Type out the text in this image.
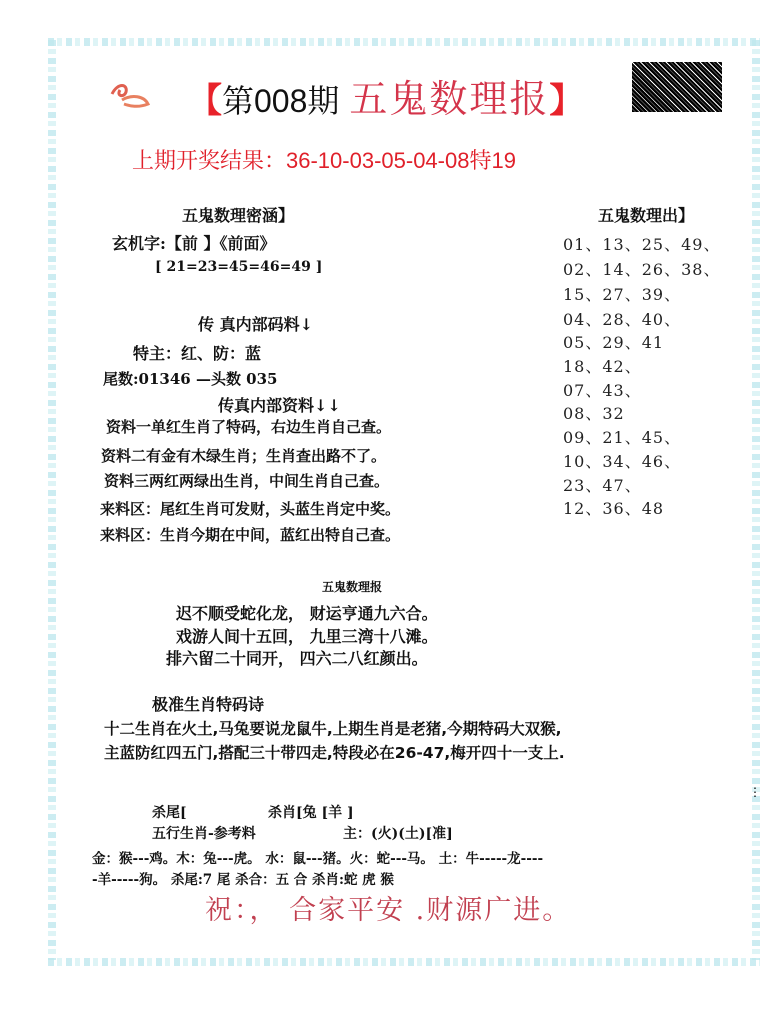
【第008期 五鬼数理报】
上期开奖结果：36-10-03-05-04-08特19
五鬼数理密涵】
玄机字:【前 】《前面》
[ 21=23=45=46=49 ]
传 真内部码料↓
特主：红、防：蓝
尾数:01346 —头数 035
传真内部资料↓↓
资料一单红生肖了特码，右边生肖自己查。
资料二有金有木绿生肖；生肖查出路不了。
资料三两红两绿出生肖，中间生肖自己查。
来料区：尾红生肖可发财，头蓝生肖定中奖。
来料区：生肖今期在中间，蓝红出特自己查。
五鬼数理出】
01、13、25、49、
02、14、26、38、
15、27、39、
04、28、40、
05、29、41
18、42、
07、43、
08、32
09、21、45、
10、34、46、
23、47、
12、36、48
五鬼数理报
迟不顺受蛇化龙， 财运亨通九六合。
戏游人间十五回， 九里三湾十八滩。
排六留二十同开， 四六二八红颜出。
极准生肖特码诗
十二生肖在火土,马兔要说龙鼠牛,上期生肖是老猪,今期特码大双猴,
主蓝防红四五门,搭配三十带四走,特段必在26-47,梅开四十一支上.
杀尾[	杀肖[兔 [羊 ]
五行生肖-参考料	主：(火)(土)[准]
金：猴---鸡。木：兔---虎。 水：鼠---猪。火：蛇---马。 土：牛-----龙----
-羊-----狗。 杀尾:7 尾 杀合：五 合 杀肖:蛇 虎 猴
祝：， 合家平安 .财源广进。
⋮
